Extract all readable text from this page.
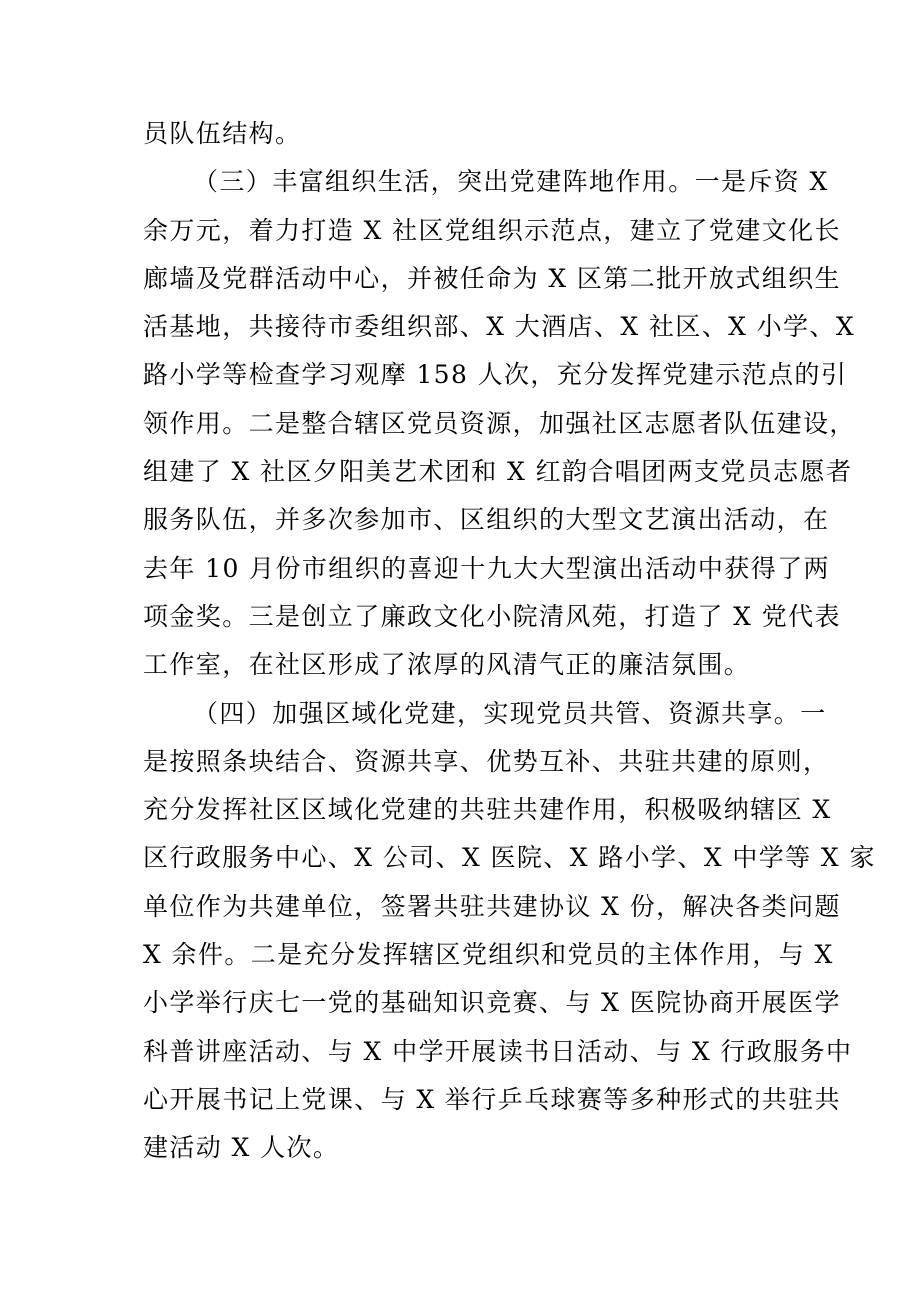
员队伍结构。
（三）丰富组织生活，突出党建阵地作用。一是斥资 X
余万元，着力打造 X 社区党组织示范点，建立了党建文化长
廊墙及党群活动中心，并被任命为 X 区第二批开放式组织生
活基地，共接待市委组织部、X 大酒店、X 社区、X 小学、X
路小学等检查学习观摩 158 人次，充分发挥党建示范点的引
领作用。二是整合辖区党员资源，加强社区志愿者队伍建设，
组建了 X 社区夕阳美艺术团和 X 红韵合唱团两支党员志愿者
服务队伍，并多次参加市、区组织的大型文艺演出活动，在
去年 10 月份市组织的喜迎十九大大型演出活动中获得了两
项金奖。三是创立了廉政文化小院清风苑，打造了 X 党代表
工作室，在社区形成了浓厚的风清气正的廉洁氛围。
（四）加强区域化党建，实现党员共管、资源共享。一
是按照条块结合、资源共享、优势互补、共驻共建的原则，
充分发挥社区区域化党建的共驻共建作用，积极吸纳辖区 X
区行政服务中心、X 公司、X 医院、X 路小学、X 中学等 X 家
单位作为共建单位，签署共驻共建协议 X 份，解决各类问题
X 余件。二是充分发挥辖区党组织和党员的主体作用，与 X
小学举行庆七一党的基础知识竞赛、与 X 医院协商开展医学
科普讲座活动、与 X 中学开展读书日活动、与 X 行政服务中
心开展书记上党课、与 X 举行乒乓球赛等多种形式的共驻共
建活动 X 人次。
